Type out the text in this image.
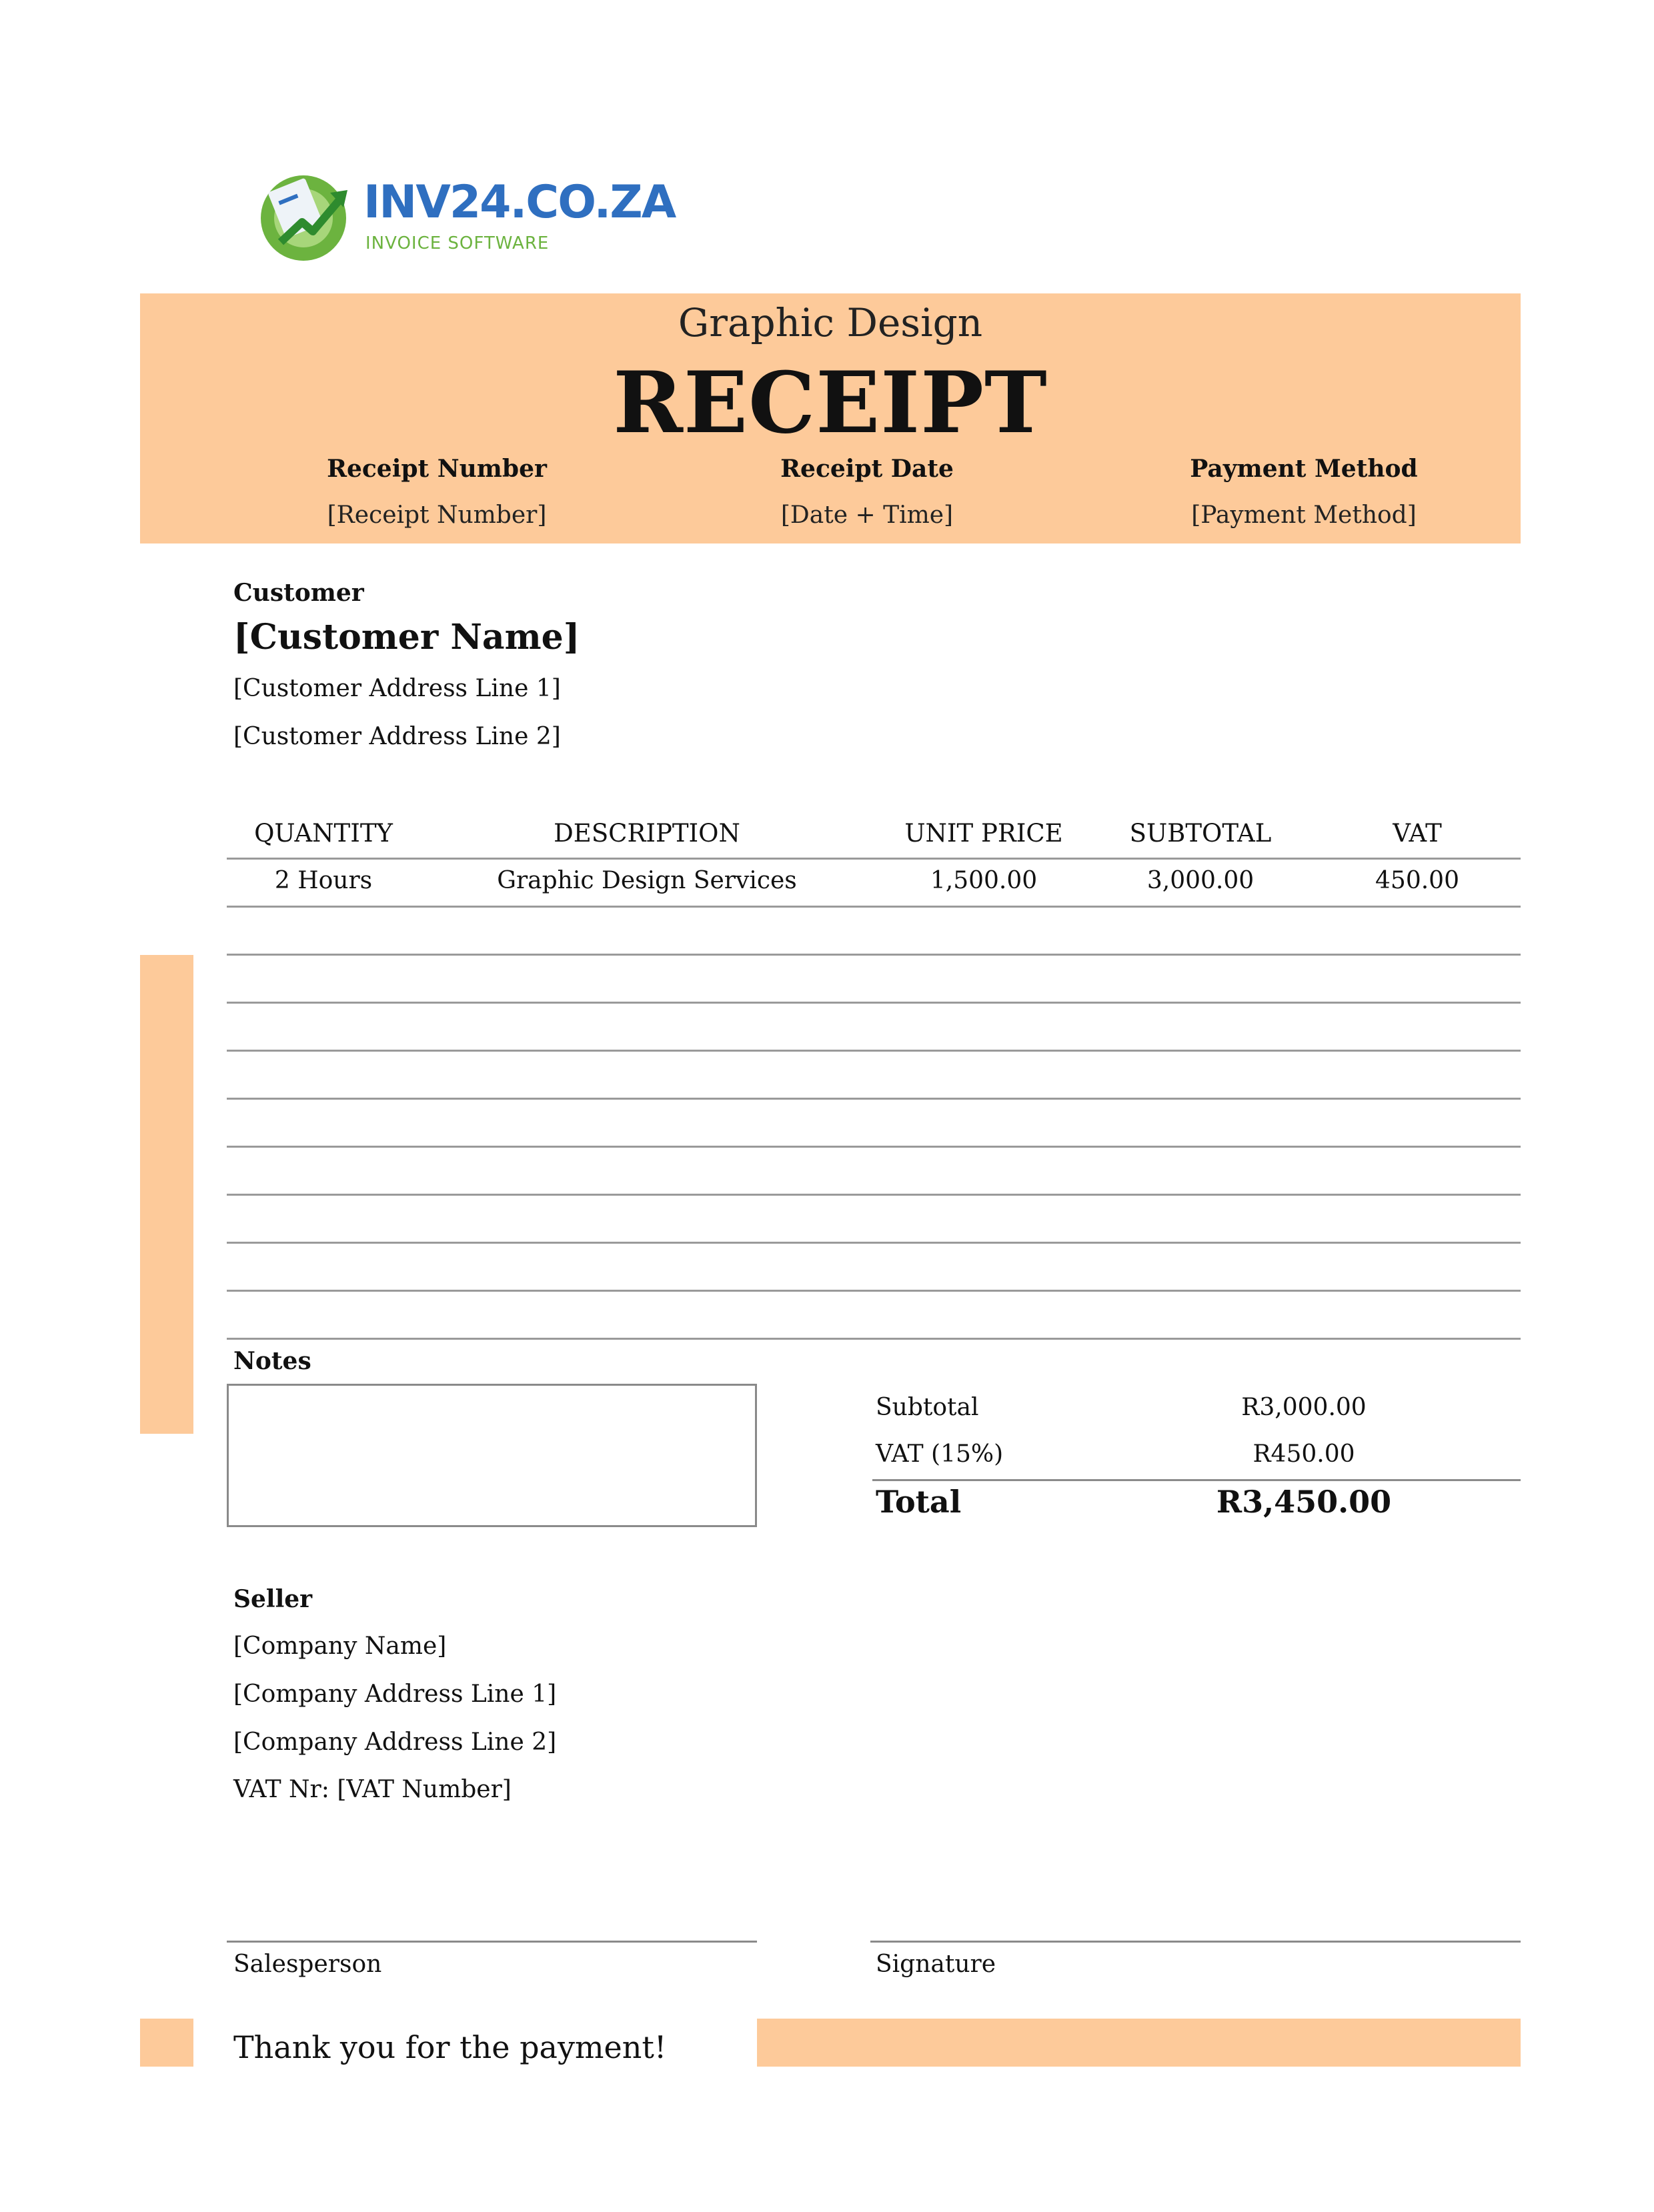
INV24.CO.ZA
INVOICE SOFTWARE
Graphic Design
RECEIPT
Receipt Number
[Receipt Number]
Receipt Date
[Date + Time]
Payment Method
[Payment Method]
Customer
[Customer Name]
[Customer Address Line 1]
[Customer Address Line 2]
QUANTITY	DESCRIPTION	UNIT PRICE	SUBTOTAL	VAT
2 Hours	Graphic Design Services	1,500.00	3,000.00	450.00
Notes
Subtotal	R3,000.00
VAT (15%)	R450.00
Total	R3,450.00
Seller
[Company Name]
[Company Address Line 1]
[Company Address Line 2]
VAT Nr: [VAT Number]
Salesperson	Signature
Thank you for the payment!
